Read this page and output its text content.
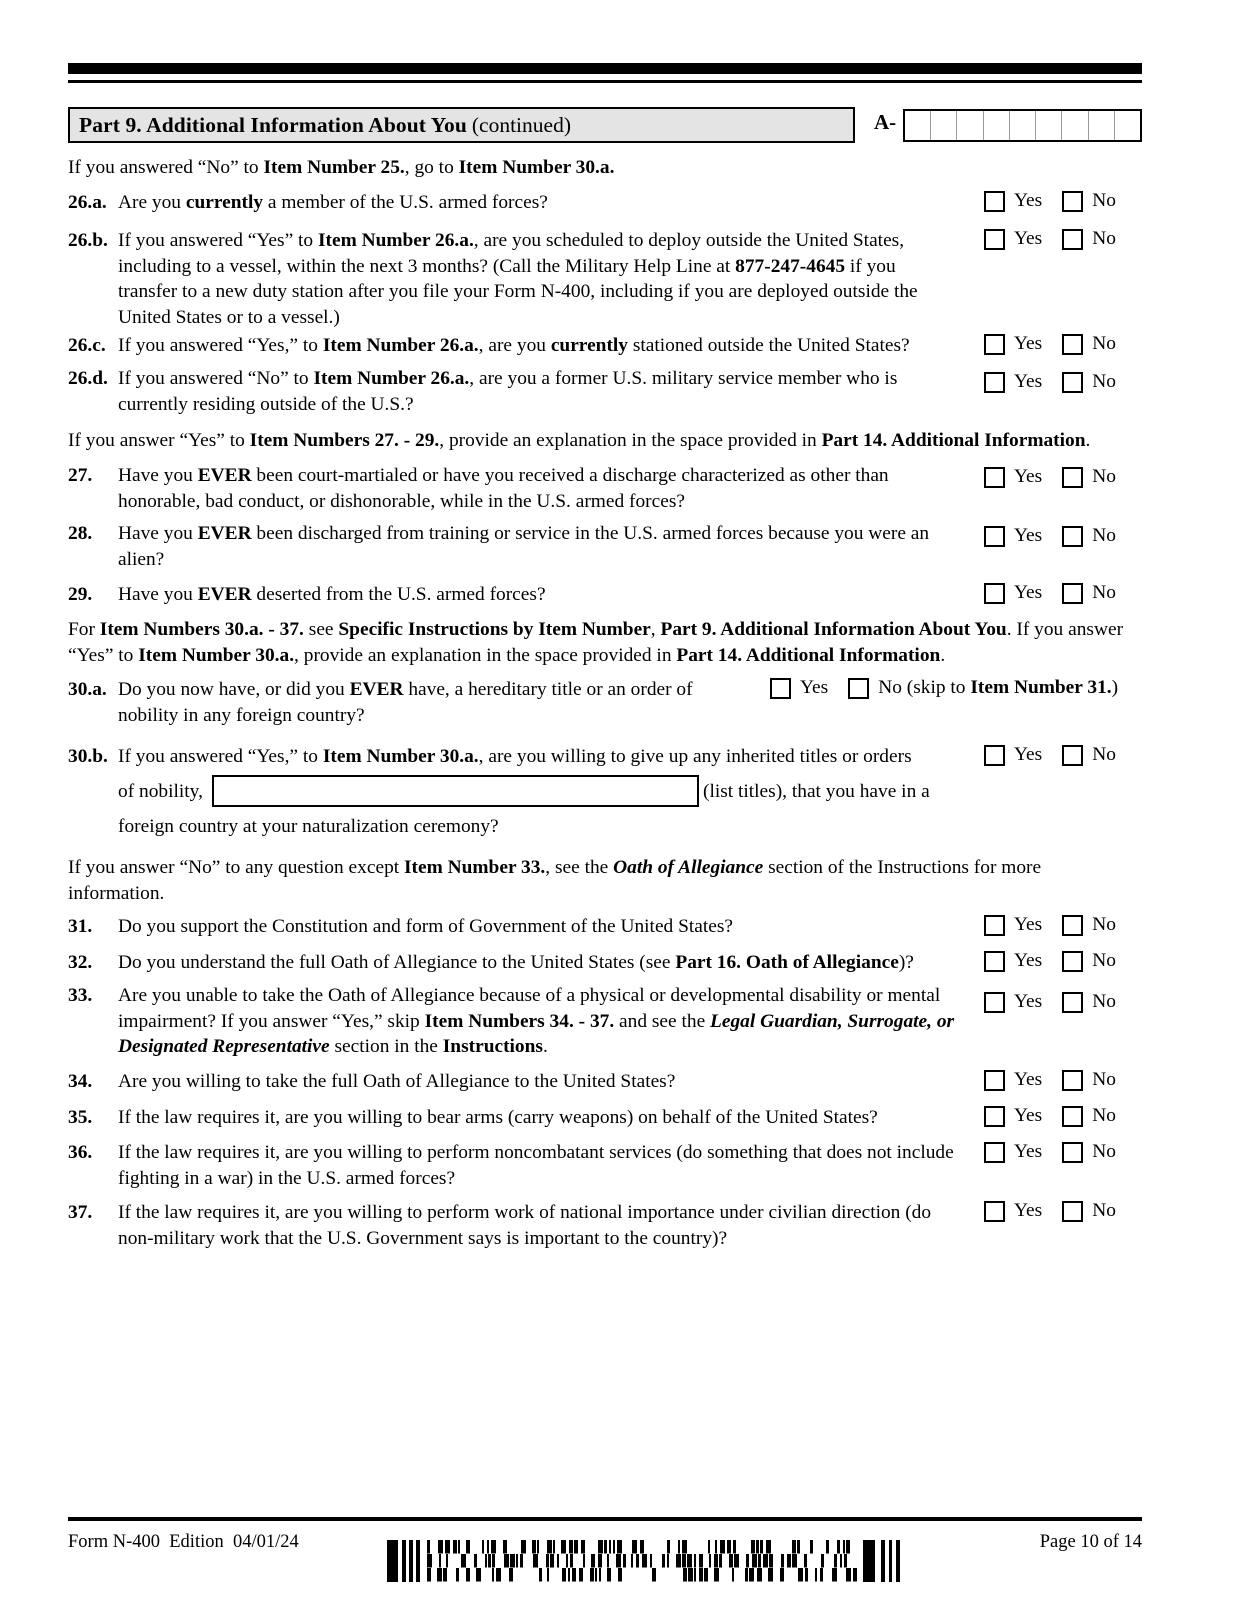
Part 9. Additional Information About You (continued)	A-
If you answered “No” to Item Number 25., go to Item Number 30.a.
26.a. Are you currently a member of the U.S. armed forces?	Yes	No
26.b. If you answered “Yes” to Item Number 26.a., are you scheduled to deploy outside the United States, including to a vessel, within the next 3 months? (Call the Military Help Line at 877-247-4645 if you transfer to a new duty station after you file your Form N-400, including if you are deployed outside the United States or to a vessel.)
Yes	No
26.c. If you answered “Yes,” to Item Number 26.a., are you currently stationed outside the United States?	Yes	No
26.d. If you answered “No” to Item Number 26.a., are you a former U.S. military service member who is currently residing outside of the U.S.?
Yes	No
If you answer “Yes” to Item Numbers 27. - 29., provide an explanation in the space provided in Part 14. Additional Information.
27. Have you EVER been court-martialed or have you received a discharge characterized as other than honorable, bad conduct, or dishonorable, while in the U.S. armed forces?
Yes	No
28. Have you EVER been discharged from training or service in the U.S. armed forces because you were an alien?
Yes	No
29. Have you EVER deserted from the U.S. armed forces?	Yes	No
For Item Numbers 30.a. - 37. see Specific Instructions by Item Number, Part 9. Additional Information About You. If you answer “Yes” to Item Number 30.a., provide an explanation in the space provided in Part 14. Additional Information.
30.a. Do you now have, or did you EVER have, a hereditary title or an order of nobility in any foreign country?
Yes	No (skip to Item Number 31.)
30.b. If you answered “Yes,” to Item Number 30.a., are you willing to give up any inherited titles or orders
of nobility,	(list titles), that you have in a
foreign country at your naturalization ceremony?
Yes	No
If you answer “No” to any question except Item Number 33., see the Oath of Allegiance section of the Instructions for more information.
31. Do you support the Constitution and form of Government of the United States?	Yes	No
32. Do you understand the full Oath of Allegiance to the United States (see Part 16. Oath of Allegiance)?	Yes	No
33. Are you unable to take the Oath of Allegiance because of a physical or developmental disability or mental impairment? If you answer “Yes,” skip Item Numbers 34. - 37. and see the Legal Guardian, Surrogate, or Designated Representative section in the Instructions.
Yes	No
34. Are you willing to take the full Oath of Allegiance to the United States?	Yes	No
35. If the law requires it, are you willing to bear arms (carry weapons) on behalf of the United States?	Yes	No
36. If the law requires it, are you willing to perform noncombatant services (do something that does not include fighting in a war) in the U.S. armed forces?
Yes	No
37. If the law requires it, are you willing to perform work of national importance under civilian direction (do non-military work that the U.S. Government says is important to the country)?
Yes	No
Form N-400 Edition 04/01/24	Page 10 of 14
